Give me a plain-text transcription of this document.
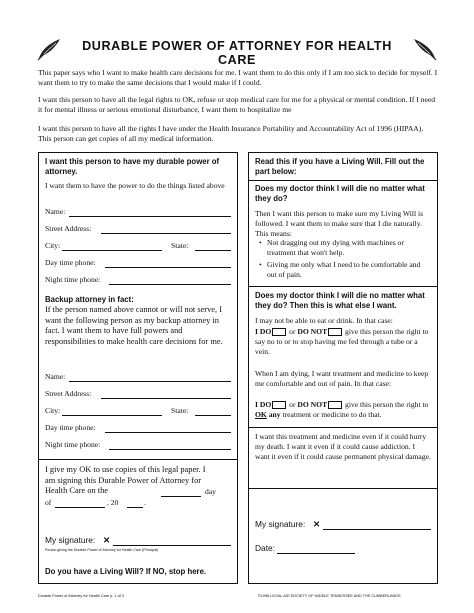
DURABLE POWER OF ATTORNEY FOR HEALTH CARE
This paper says who I want to make health care decisions for me. I want them to do this only if I am too sick to decide for myself. I want them to try to make the same decisions that I would make if I could.
I want this person to have all the legal rights to OK, refuse or stop medical care for me for a physical or mental condition. If I need it for mental illness or serious emotional disturbance, I want them to hospitalize me
I want this person to have all the rights I have under the Health Insurance Portability and Accountability Act of 1996 (HIPAA). This person can get copies of all my medical information.
I want this person to have my durable power of attorney.
I want them to have the power to do the things listed above
Name:
Street Address:
City:	State:
Day time phone:
Night time phone:
Backup attorney in fact:
If the person named above cannot or will not serve, I want the following person as my backup attorney in fact. I want them to have full powers and responsibilities to make health care decisions for me.
Name:
Street Address:
City:	State:
Day time phone:
Night time phone:
I give my OK to use copies of this legal paper. I am signing this Durable Power of Attorney for Health Care on the	day
of	, 20	.
My signature: ✕
Person giving the Durable Power of Attorney for Health Care (Principal)
Do you have a Living Will? If NO, stop here.
Read this if you have a Living Will. Fill out the part below:
Does my doctor think I will die no matter what they do?
Then I want this person to make sure my Living Will is followed. I want them to make sure that I die naturally. This means:
• Not dragging out my dying with machines or treatment that won't help.
• Giving me only what I need to be comfortable and out of pain.
Does my doctor think I will die no matter what they do? Then this is what else I want.
I may not be able to eat or drink. In that case:
I DO or DO NOT give this person the right to say no to or to stop having me fed through a tube or a vein.
When I am dying, I want treatment and medicine to keep me comfortable and out of pain. In that case:
I DO or DO NOT give this person the right to OK any treatment or medicine to do that.
I want this treatment and medicine even if it could hurry my death. I want it even if it could cause addiction. I want it even if it could cause permanent physical damage.
My signature: ✕
Date:
Durable Power of Attorney for Health Care p. 1 of 3	©1996 LEGAL AID SOCIETY OF MIDDLE TENNESSEE AND THE CUMBERLANDS
